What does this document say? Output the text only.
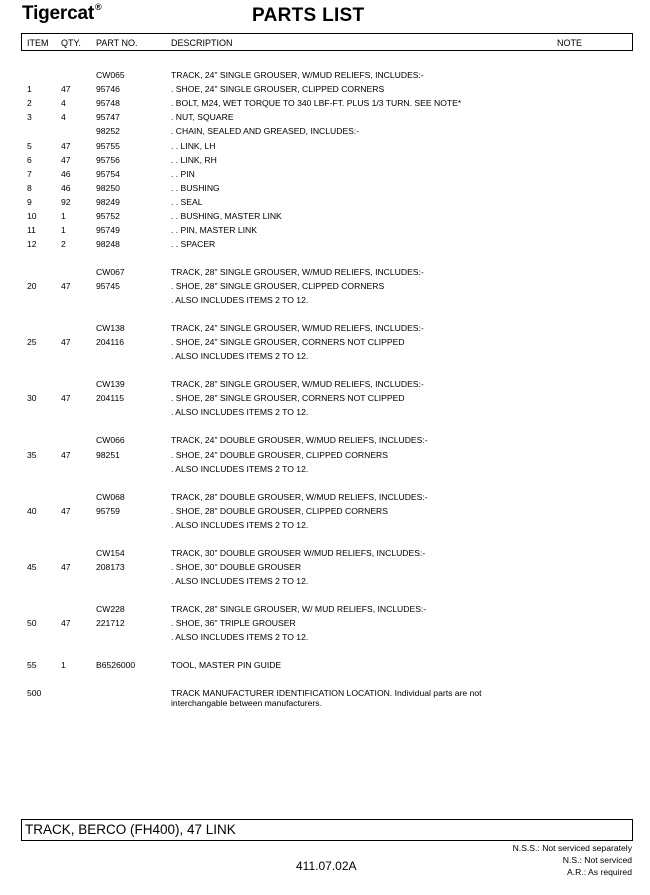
Tigercat®	PARTS LIST
ITEM QTY. PART NO.	DESCRIPTION	NOTE
CW065	TRACK, 24" SINGLE GROUSER, W/MUD RELIEFS, INCLUDES:-
1	47	95746	. SHOE, 24" SINGLE GROUSER, CLIPPED CORNERS
2	4	95748	. BOLT, M24, WET TORQUE TO 340 LBF-FT. PLUS 1/3 TURN. SEE NOTE*
3	4	95747	. NUT, SQUARE
98252	. CHAIN, SEALED AND GREASED, INCLUDES:-
5	47	95755	. . LINK, LH
6	47	95756	. . LINK, RH
7	46	95754	. . PIN
8	46	98250	. . BUSHING
9	92	98249	. . SEAL
10	1	95752	. . BUSHING, MASTER LINK
11	1	95749	. . PIN, MASTER LINK
12	2	98248	. . SPACER
CW067	TRACK, 28" SINGLE GROUSER, W/MUD RELIEFS, INCLUDES:-
20	47	95745	. SHOE, 28" SINGLE GROUSER, CLIPPED CORNERS
. ALSO INCLUDES ITEMS 2 TO 12.
CW138	TRACK, 24" SINGLE GROUSER, W/MUD RELIEFS, INCLUDES:-
25	47	204116	. SHOE, 24" SINGLE GROUSER, CORNERS NOT CLIPPED
. ALSO INCLUDES ITEMS 2 TO 12.
CW139	TRACK, 28" SINGLE GROUSER, W/MUD RELIEFS, INCLUDES:-
30	47	204115	. SHOE, 28" SINGLE GROUSER, CORNERS NOT CLIPPED
. ALSO INCLUDES ITEMS 2 TO 12.
CW066	TRACK, 24" DOUBLE GROUSER, W/MUD RELIEFS, INCLUDES:-
35	47	98251	. SHOE, 24" DOUBLE GROUSER, CLIPPED CORNERS
. ALSO INCLUDES ITEMS 2 TO 12.
CW068	TRACK, 28" DOUBLE GROUSER, W/MUD RELIEFS, INCLUDES:-
40	47	95759	. SHOE, 28" DOUBLE GROUSER, CLIPPED CORNERS
. ALSO INCLUDES ITEMS 2 TO 12.
CW154	TRACK, 30" DOUBLE GROUSER W/MUD RELIEFS, INCLUDES:-
45	47	208173	. SHOE, 30" DOUBLE GROUSER
. ALSO INCLUDES ITEMS 2 TO 12.
CW228	TRACK, 28" SINGLE GROUSER, W/ MUD RELIEFS, INCLUDES:-
50	47	221712	. SHOE, 36" TRIPLE GROUSER
. ALSO INCLUDES ITEMS 2 TO 12.
55	1	B6526000	TOOL, MASTER PIN GUIDE
500	TRACK MANUFACTURER IDENTIFICATION LOCATION. Individual parts are not interchangable between manufacturers.
TRACK, BERCO (FH400), 47 LINK
N.S.S.: Not serviced separately
N.S.: Not serviced
A.R.: As required
411.07.02A
